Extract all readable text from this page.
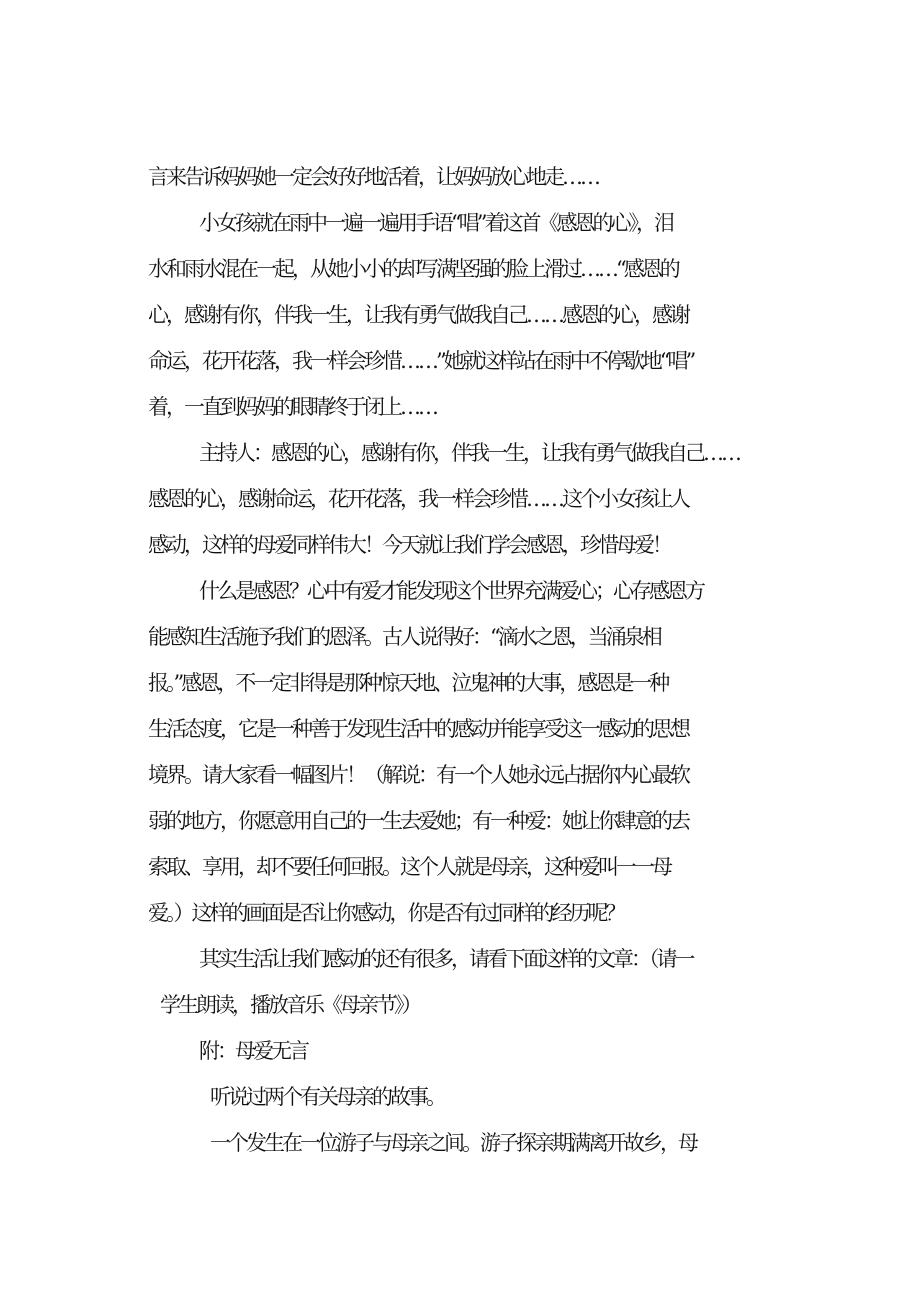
言来告诉妈妈她一定会好好地活着，让妈妈放心地走……
小女孩就在雨中一遍一遍用手语“唱”着这首《感恩的心》，泪
水和雨水混在一起，从她小小的却写满坚强的脸上滑过……“感恩的
心，感谢有你，伴我一生，让我有勇气做我自己……感恩的心，感谢
命运，花开花落，我一样会珍惜……”她就这样站在雨中不停歇地“唱”
着，一直到妈妈的眼睛终于闭上……
主持人：感恩的心，感谢有你，伴我一生，让我有勇气做我自己……
感恩的心，感谢命运，花开花落，我一样会珍惜……这个小女孩让人
感动，这样的母爱同样伟大！今天就让我们学会感恩，珍惜母爱！
什么是感恩？心中有爱才能发现这个世界充满爱心；心存感恩方
能感知生活施予我们的恩泽。古人说得好：“滴水之恩，当涌泉相
报。”感恩，不一定非得是那种惊天地、泣鬼神的大事，感恩是一种
生活态度，它是一种善于发现生活中的感动并能享受这一感动的思想
境界。请大家看一幅图片！（解说：有一个人她永远占据你内心最软
弱的地方，你愿意用自己的一生去爱她；有一种爱：她让你肆意的去
索取、享用，却不要任何回报。这个人就是母亲，这种爱叫一一母
爱。）这样的画面是否让你感动，你是否有过同样的经历呢？
其实生活让我们感动的还有很多，请看下面这样的文章：（请一
学生朗读，播放音乐《母亲节》）
附：母爱无言
听说过两个有关母亲的故事。
一个发生在一位游子与母亲之间。游子探亲期满离开故乡，母
